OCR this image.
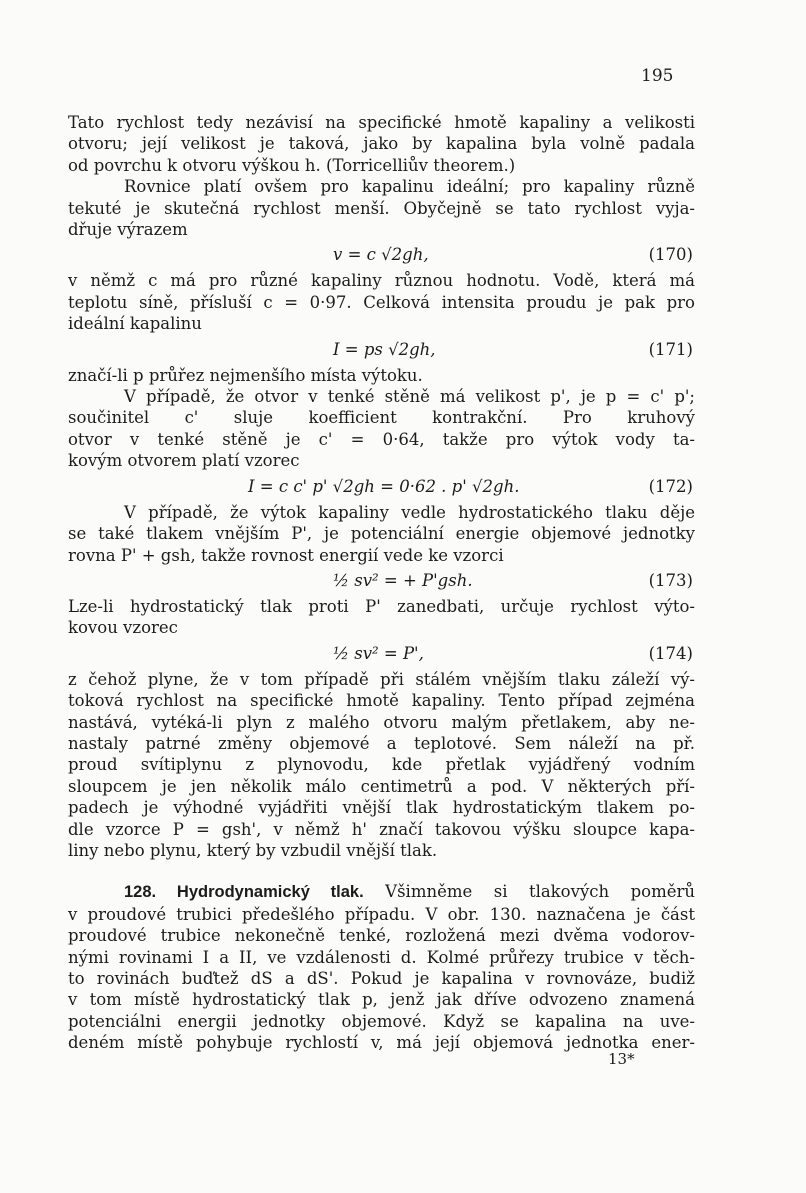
195
Tato rychlost tedy nezávisí na specifické hmotě kapaliny a velikosti
otvoru; její velikost je taková, jako by kapalina byla volně padala
od povrchu k otvoru výškou h. (Torricelliův theorem.)
Rovnice platí ovšem pro kapalinu ideální; pro kapaliny různě
tekuté je skutečná rychlost menší. Obyčejně se tato rychlost vyja-
dřuje výrazem
v = c √2gh,	(170)
v němž c má pro různé kapaliny různou hodnotu. Vodě, která má
teplotu síně, přísluší c = 0·97. Celková intensita proudu je pak pro
ideální kapalinu
I = ps √2gh,	(171)
značí-li p průřez nejmenšího místa výtoku.
V případě, že otvor v tenké stěně má velikost p', je p = c' p';
součinitel c' sluje koefficient kontrakční. Pro kruhový
otvor v tenké stěně je c' = 0·64, takže pro výtok vody ta-
kovým otvorem platí vzorec
I = c c' p' √2gh = 0·62 . p' √2gh.	(172)
V případě, že výtok kapaliny vedle hydrostatického tlaku děje
se také tlakem vnějším P', je potenciální energie objemové jednotky
rovna P' + gsh, takže rovnost energií vede ke vzorci
½ sv² = + P'gsh.	(173)
Lze-li hydrostatický tlak proti P' zanedbati, určuje rychlost výto-
kovou vzorec
½ sv² = P',	(174)
z čehož plyne, že v tom případě při stálém vnějším tlaku záleží vý-
toková rychlost na specifické hmotě kapaliny. Tento případ zejména
nastává, vytéká-li plyn z malého otvoru malým přetlakem, aby ne-
nastaly patrné změny objemové a teplotové. Sem náleží na př.
proud svítiplynu z plynovodu, kde přetlak vyjádřený vodním
sloupcem je jen několik málo centimetrů a pod. V některých pří-
padech je výhodné vyjádřiti vnější tlak hydrostatickým tlakem po-
dle vzorce P = gsh', v němž h' značí takovou výšku sloupce kapa-
liny nebo plynu, který by vzbudil vnější tlak.
128. Hydrodynamický tlak. Všimněme si tlakových poměrů
v proudové trubici předešlého případu. V obr. 130. naznačena je část
proudové trubice nekonečně tenké, rozložená mezi dvěma vodorov-
nými rovinami I a II, ve vzdálenosti d. Kolmé průřezy trubice v těch-
to rovinách buďtež dS a dS'. Pokud je kapalina v rovnováze, budiž
v tom místě hydrostatický tlak p, jenž jak dříve odvozeno znamená
potenciálni energii jednotky objemové. Když se kapalina na uve-
deném místě pohybuje rychlostí v, má její objemová jednotka ener-
13*
